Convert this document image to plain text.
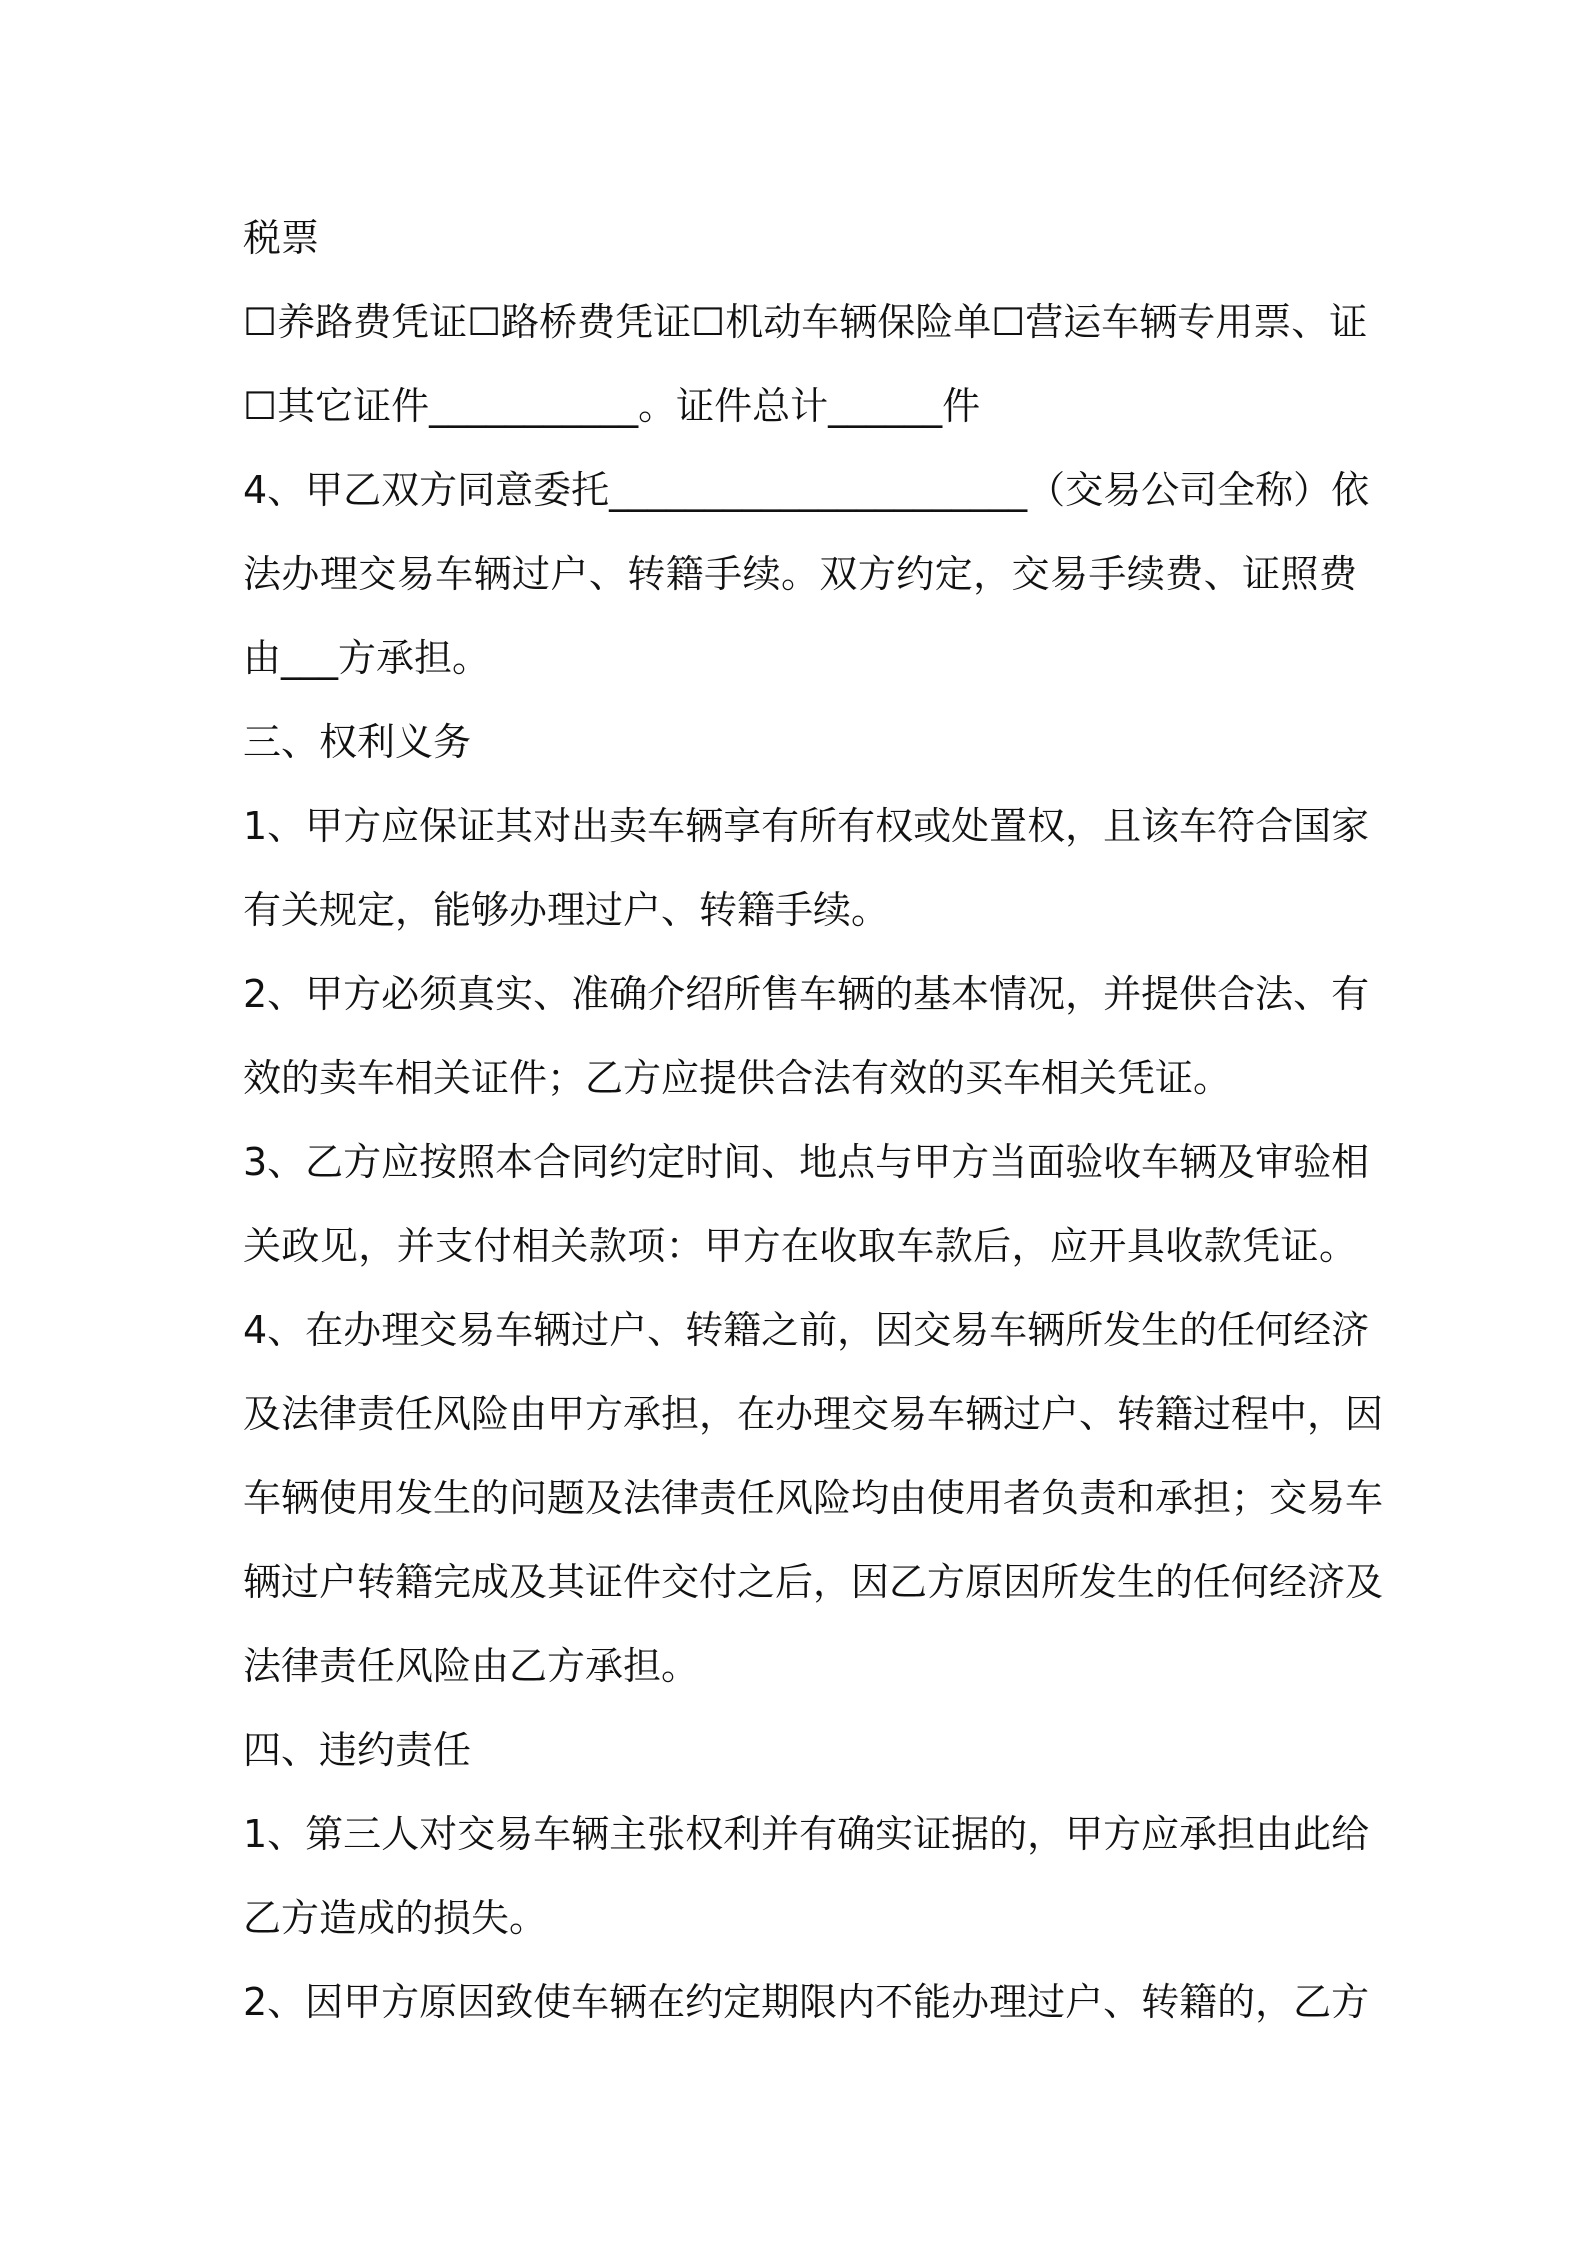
税票
☐养路费凭证☐路桥费凭证☐机动车辆保险单☐营运车辆专用票、证
☐其它证件___________。证件总计______件
4、甲乙双方同意委托______________________（交易公司全称）依
法办理交易车辆过户、转籍手续。双方约定，交易手续费、证照费
由___方承担。
三、权利义务
1、甲方应保证其对出卖车辆享有所有权或处置权，且该车符合国家
有关规定，能够办理过户、转籍手续。
2、甲方必须真实、准确介绍所售车辆的基本情况，并提供合法、有
效的卖车相关证件；乙方应提供合法有效的买车相关凭证。
3、乙方应按照本合同约定时间、地点与甲方当面验收车辆及审验相
关政见，并支付相关款项：甲方在收取车款后，应开具收款凭证。
4、在办理交易车辆过户、转籍之前，因交易车辆所发生的任何经济
及法律责任风险由甲方承担，在办理交易车辆过户、转籍过程中，因
车辆使用发生的问题及法律责任风险均由使用者负责和承担；交易车
辆过户转籍完成及其证件交付之后，因乙方原因所发生的任何经济及
法律责任风险由乙方承担。
四、违约责任
1、第三人对交易车辆主张权利并有确实证据的，甲方应承担由此给
乙方造成的损失。
2、因甲方原因致使车辆在约定期限内不能办理过户、转籍的，乙方
